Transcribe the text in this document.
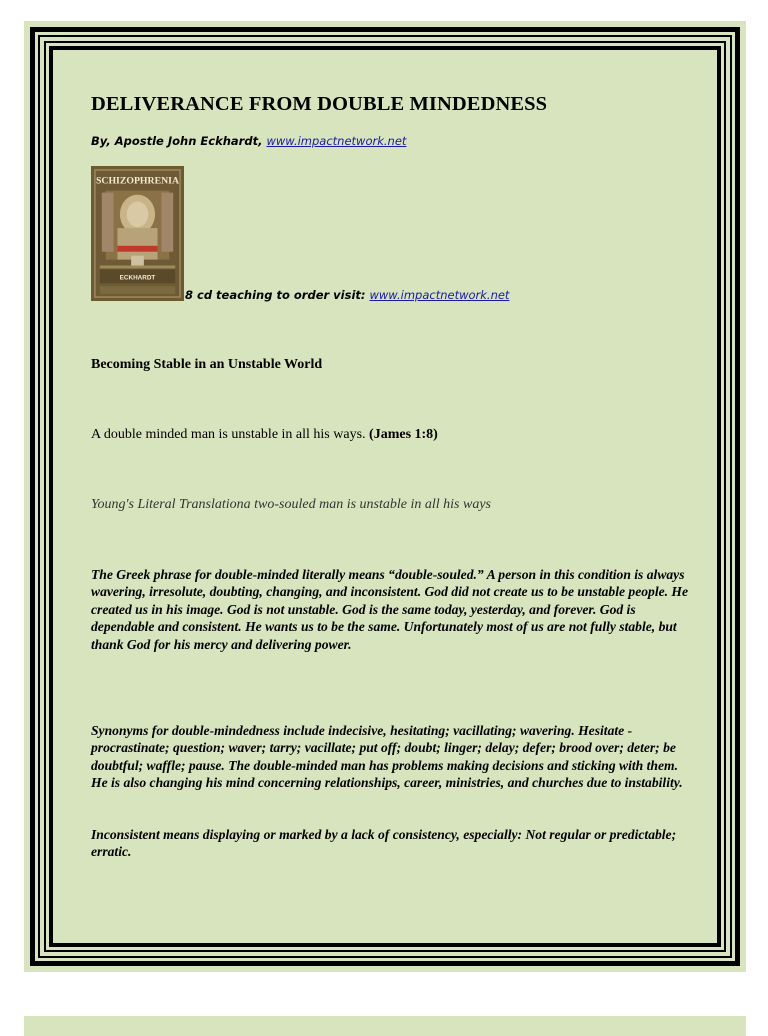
DELIVERANCE FROM DOUBLE MINDEDNESS
By, Apostle John Eckhardt, www.impactnetwork.net
SCHIZOPHRENIA
ECKHARDT
8 cd teaching to order visit: www.impactnetwork.net
Becoming Stable in an Unstable World
A double minded man is unstable in all his ways. (James 1:8)
Young's Literal Translationa two-souled man is unstable in all his ways
The Greek phrase for double-minded literally means “double-souled.” A person in this condition is always wavering, irresolute, doubting, changing, and inconsistent. God did not create us to be unstable people. He created us in his image. God is not unstable. God is the same today, yesterday, and forever. God is dependable and consistent. He wants us to be the same. Unfortunately most of us are not fully stable, but thank God for his mercy and delivering power.
Synonyms for double-mindedness include indecisive, hesitating; vacillating; wavering. Hesitate - procrastinate; question; waver; tarry; vacillate; put off; doubt; linger; delay; defer; brood over; deter; be doubtful; waffle; pause. The double-minded man has problems making decisions and sticking with them. He is also changing his mind concerning relationships, career, ministries, and churches due to instability.
Inconsistent means displaying or marked by a lack of consistency, especially: Not regular or predictable; erratic.
